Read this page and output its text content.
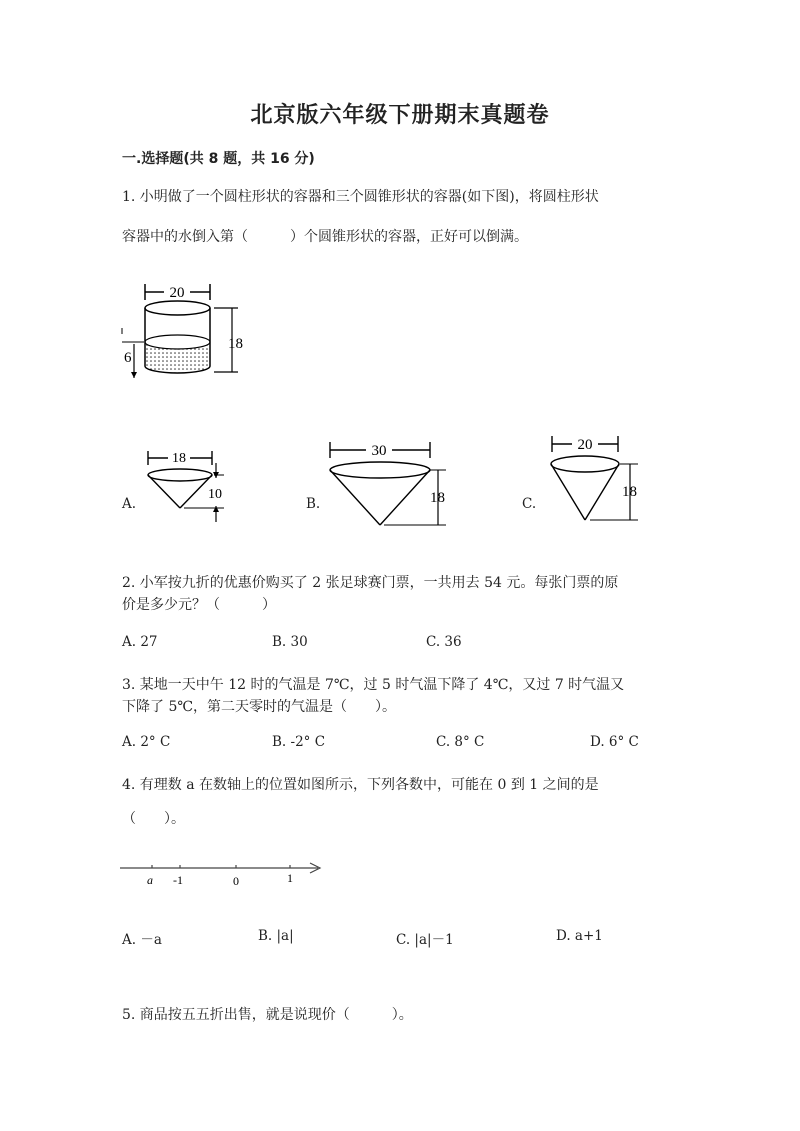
北京版六年级下册期末真题卷
一.选择题(共 8 题，共 16 分)
1. 小明做了一个圆柱形状的容器和三个圆锥形状的容器(如下图)，将圆柱形状
容器中的水倒入第（　　　）个圆锥形状的容器，正好可以倒满。
20
18
6
A.
18
10
B.
30
18	C.
20
18
2. 小军按九折的优惠价购买了 2 张足球赛门票，一共用去 54 元。每张门票的原
价是多少元？（　　　）
A. 27	B. 30	C. 36
3. 某地一天中午 12 时的气温是 7℃，过 5 时气温下降了 4℃，又过 7 时气温又
下降了 5℃，第二天零时的气温是（　　）。
A. 2° C	B. -2° C	C. 8° C	D. 6° C
4. 有理数 a 在数轴上的位置如图所示，下列各数中，可能在 0 到 1 之间的是
（　　）。
a -1	0	1
A. －a	B. |a|	C. |a|－1	D. a+1
5. 商品按五五折出售，就是说现价（　　　）。
